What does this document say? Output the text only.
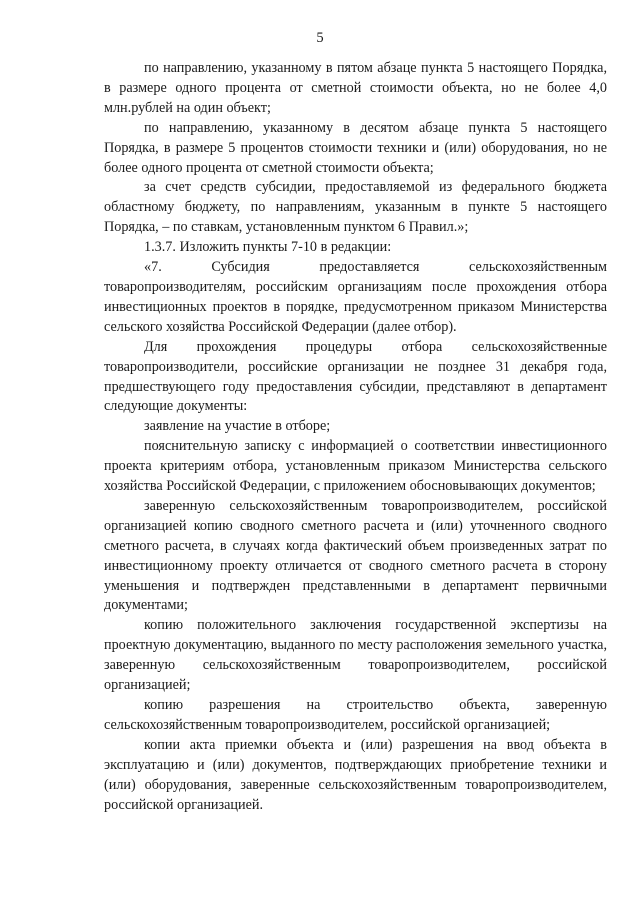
5

по направлению, указанному в пятом абзаце пункта 5 настоящего Порядка, в размере одного процента от сметной стоимости объекта, но не более 4,0 млн.рублей на один объект;

по направлению, указанному в десятом абзаце пункта 5 настоящего Порядка, в размере 5 процентов стоимости техники и (или) оборудования, но не более одного процента от сметной стоимости объекта;

за счет средств субсидии, предоставляемой из федерального бюджета областному бюджету, по направлениям, указанным в пункте 5 настоящего Порядка, – по ставкам, установленным пунктом 6 Правил.»;

1.3.7. Изложить пункты 7-10 в редакции:

«7. Субсидия предоставляется сельскохозяйственным товаропроизводителям, российским организациям после прохождения отбора инвестиционных проектов в порядке, предусмотренном приказом Министерства сельского хозяйства Российской Федерации (далее отбор).

Для прохождения процедуры отбора сельскохозяйственные товаропроизводители, российские организации не позднее 31 декабря года, предшествующего году предоставления субсидии, представляют в департамент следующие документы:

заявление на участие в отборе;

пояснительную записку с информацией о соответствии инвестиционного проекта критериям отбора, установленным приказом Министерства сельского хозяйства Российской Федерации, с приложением обосновывающих документов;

заверенную сельскохозяйственным товаропроизводителем, российской организацией копию сводного сметного расчета и (или) уточненного сводного сметного расчета, в случаях когда фактический объем произведенных затрат по инвестиционному проекту отличается от сводного сметного расчета в сторону уменьшения и подтвержден представленными в департамент первичными документами;

копию положительного заключения государственной экспертизы на проектную документацию, выданного по месту расположения земельного участка, заверенную сельскохозяйственным товаропроизводителем, российской организацией;

копию разрешения на строительство объекта, заверенную сельскохозяйственным товаропроизводителем, российской организацией;

копии акта приемки объекта и (или) разрешения на ввод объекта в эксплуатацию и (или) документов, подтверждающих приобретение техники и (или) оборудования, заверенные сельскохозяйственным товаропроизводителем, российской организацией.
